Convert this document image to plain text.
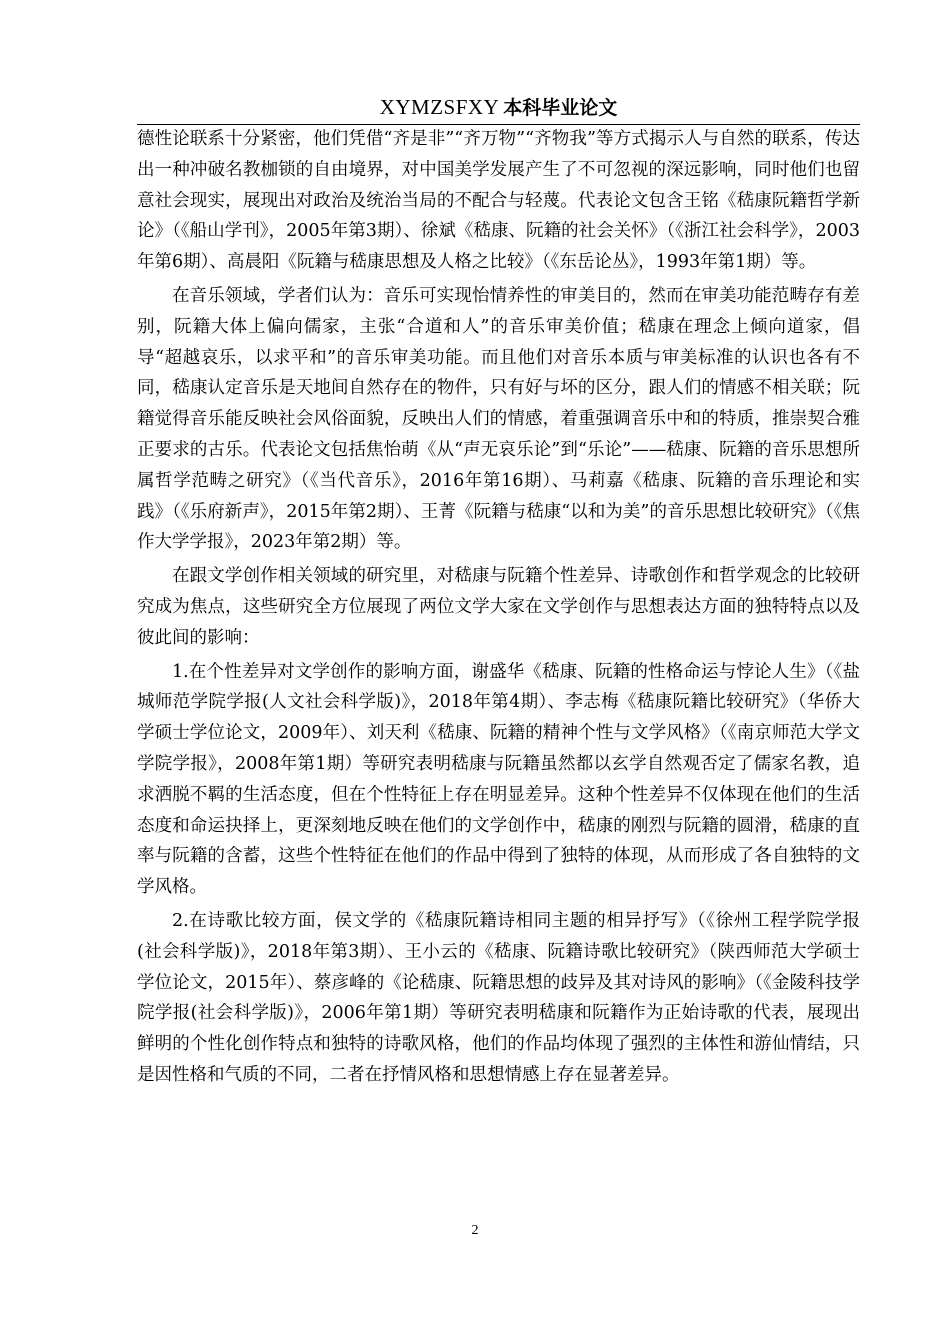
XYMZSFXY 本科毕业论文

德性论联系十分紧密，他们凭借“齐是非”“齐万物”“齐物我”等方式揭示人与自然的联系，传达出一种冲破名教枷锁的自由境界，对中国美学发展产生了不可忽视的深远影响，同时他们也留意社会现实，展现出对政治及统治当局的不配合与轻蔑。代表论文包含王铭《嵇康阮籍哲学新论》（《船山学刊》，2005年第3期）、徐斌《嵇康、阮籍的社会关怀》（《浙江社会科学》，2003年第6期）、高晨阳《阮籍与嵇康思想及人格之比较》（《东岳论丛》，1993年第1期）等。

在音乐领域，学者们认为：音乐可实现怡情养性的审美目的，然而在审美功能范畴存有差别，阮籍大体上偏向儒家，主张“合道和人”的音乐审美价值；嵇康在理念上倾向道家，倡导“超越哀乐，以求平和”的音乐审美功能。而且他们对音乐本质与审美标准的认识也各有不同，嵇康认定音乐是天地间自然存在的物件，只有好与坏的区分，跟人们的情感不相关联；阮籍觉得音乐能反映社会风俗面貌，反映出人们的情感，着重强调音乐中和的特质，推崇契合雅正要求的古乐。代表论文包括焦怡萌《从“声无哀乐论”到“乐论”——嵇康、阮籍的音乐思想所属哲学范畴之研究》（《当代音乐》，2016年第16期）、马莉嘉《嵇康、阮籍的音乐理论和实践》（《乐府新声》，2015年第2期）、王菁《阮籍与嵇康“以和为美”的音乐思想比较研究》（《焦作大学学报》，2023年第2期）等。

在跟文学创作相关领域的研究里，对嵇康与阮籍个性差异、诗歌创作和哲学观念的比较研究成为焦点，这些研究全方位展现了两位文学大家在文学创作与思想表达方面的独特特点以及彼此间的影响：

1.在个性差异对文学创作的影响方面，谢盛华《嵇康、阮籍的性格命运与悖论人生》（《盐城师范学院学报(人文社会科学版)》，2018年第4期）、李志梅《嵇康阮籍比较研究》（华侨大学硕士学位论文，2009年）、刘天利《嵇康、阮籍的精神个性与文学风格》（《南京师范大学文学院学报》，2008年第1期）等研究表明嵇康与阮籍虽然都以玄学自然观否定了儒家名教，追求洒脱不羁的生活态度，但在个性特征上存在明显差异。这种个性差异不仅体现在他们的生活态度和命运抉择上，更深刻地反映在他们的文学创作中，嵇康的刚烈与阮籍的圆滑，嵇康的直率与阮籍的含蓄，这些个性特征在他们的作品中得到了独特的体现，从而形成了各自独特的文学风格。

2.在诗歌比较方面，侯文学的《嵇康阮籍诗相同主题的相异抒写》（《徐州工程学院学报(社会科学版)》，2018年第3期）、王小云的《嵇康、阮籍诗歌比较研究》（陕西师范大学硕士学位论文，2015年）、蔡彦峰的《论嵇康、阮籍思想的歧异及其对诗风的影响》（《金陵科技学院学报(社会科学版)》，2006年第1期）等研究表明嵇康和阮籍作为正始诗歌的代表，展现出鲜明的个性化创作特点和独特的诗歌风格，他们的作品均体现了强烈的主体性和游仙情结，只是因性格和气质的不同，二者在抒情风格和思想情感上存在显著差异。

2
